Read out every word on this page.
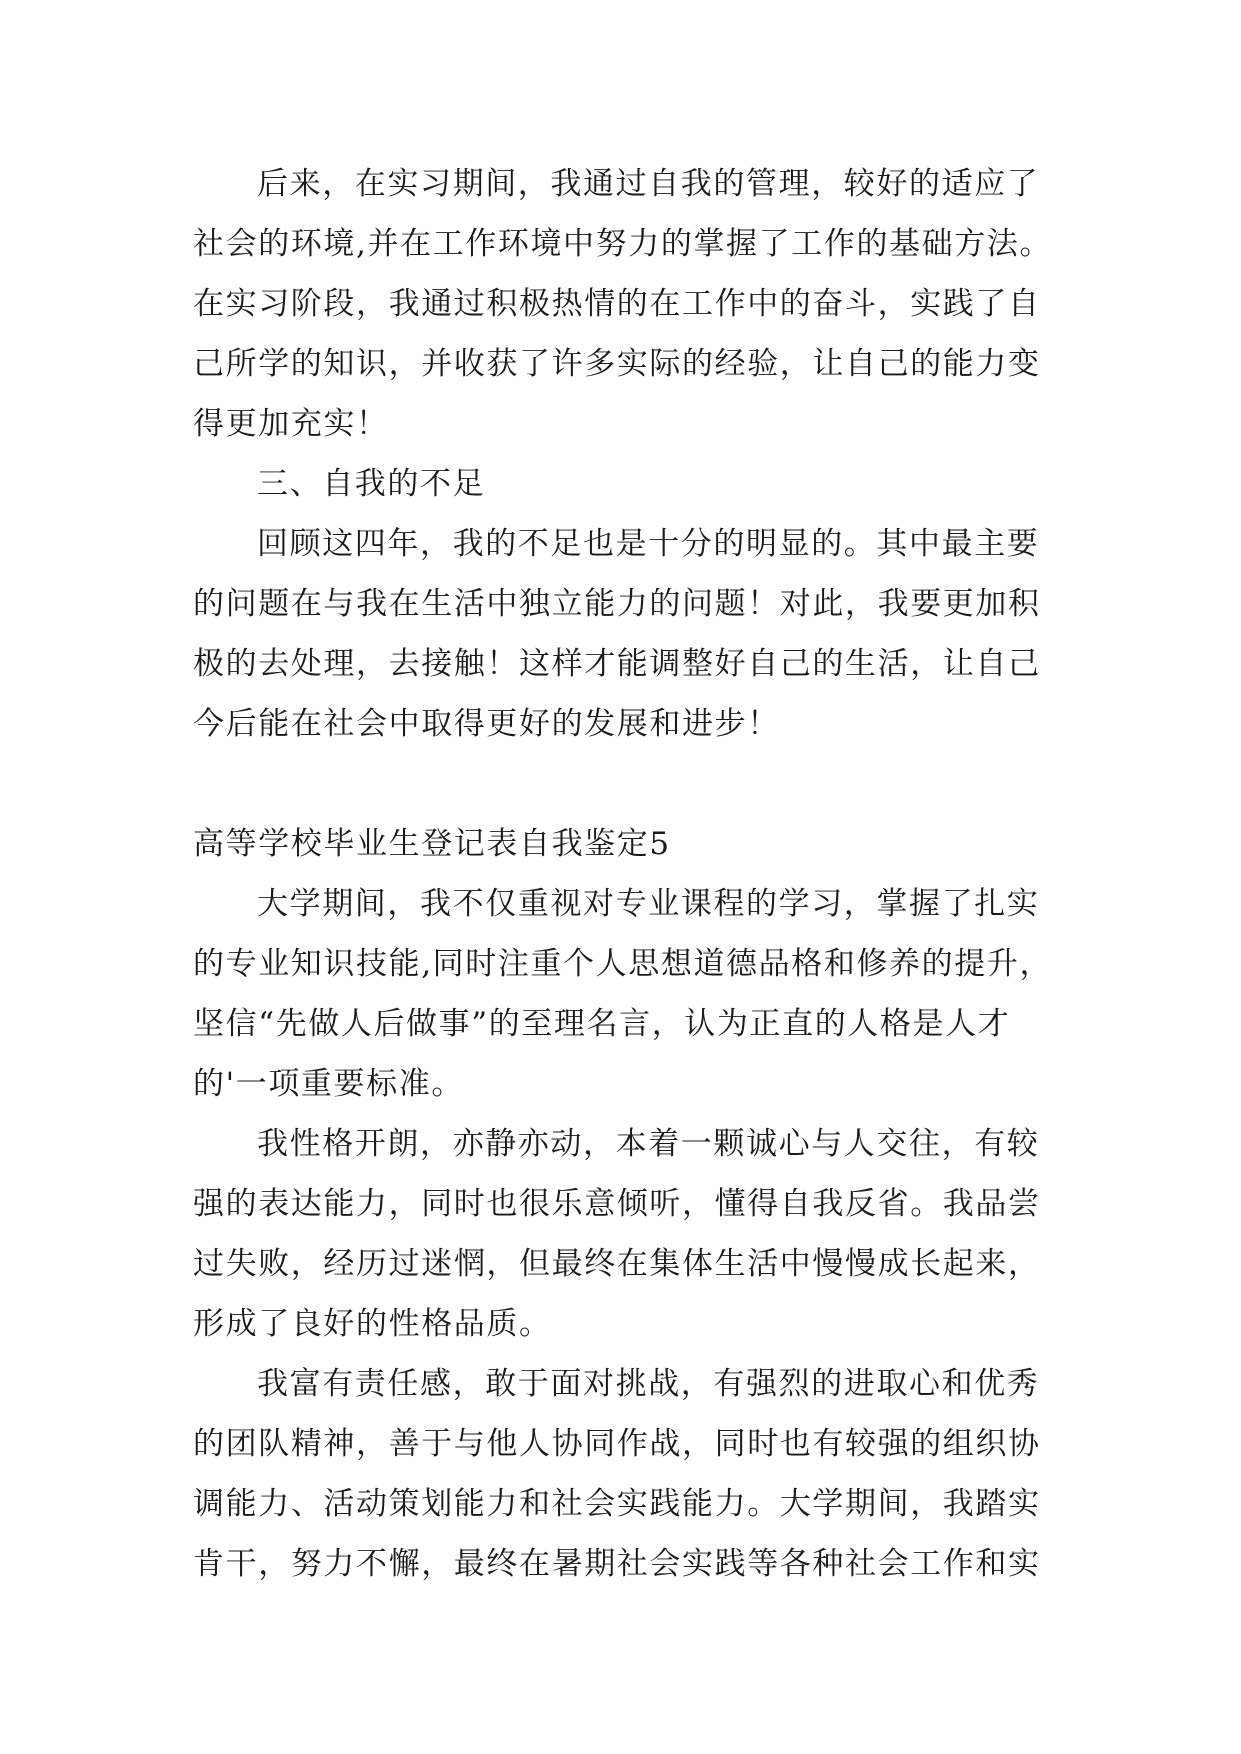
后来，在实习期间，我通过自我的管理，较好的适应了
社会的环境,并在工作环境中努力的掌握了工作的基础方法。
在实习阶段，我通过积极热情的在工作中的奋斗，实践了自
己所学的知识，并收获了许多实际的经验，让自己的能力变
得更加充实！
三、自我的不足
回顾这四年，我的不足也是十分的明显的。其中最主要
的问题在与我在生活中独立能力的问题！对此，我要更加积
极的去处理，去接触！这样才能调整好自己的生活，让自己
今后能在社会中取得更好的发展和进步！
高等学校毕业生登记表自我鉴定5
大学期间，我不仅重视对专业课程的学习，掌握了扎实
的专业知识技能,同时注重个人思想道德品格和修养的提升，
坚信“先做人后做事”的至理名言，认为正直的人格是人才
的'一项重要标准。
我性格开朗，亦静亦动，本着一颗诚心与人交往，有较
强的表达能力，同时也很乐意倾听，懂得自我反省。我品尝
过失败，经历过迷惘，但最终在集体生活中慢慢成长起来，
形成了良好的性格品质。
我富有责任感，敢于面对挑战，有强烈的进取心和优秀
的团队精神，善于与他人协同作战，同时也有较强的组织协
调能力、活动策划能力和社会实践能力。大学期间，我踏实
肯干，努力不懈，最终在暑期社会实践等各种社会工作和实
